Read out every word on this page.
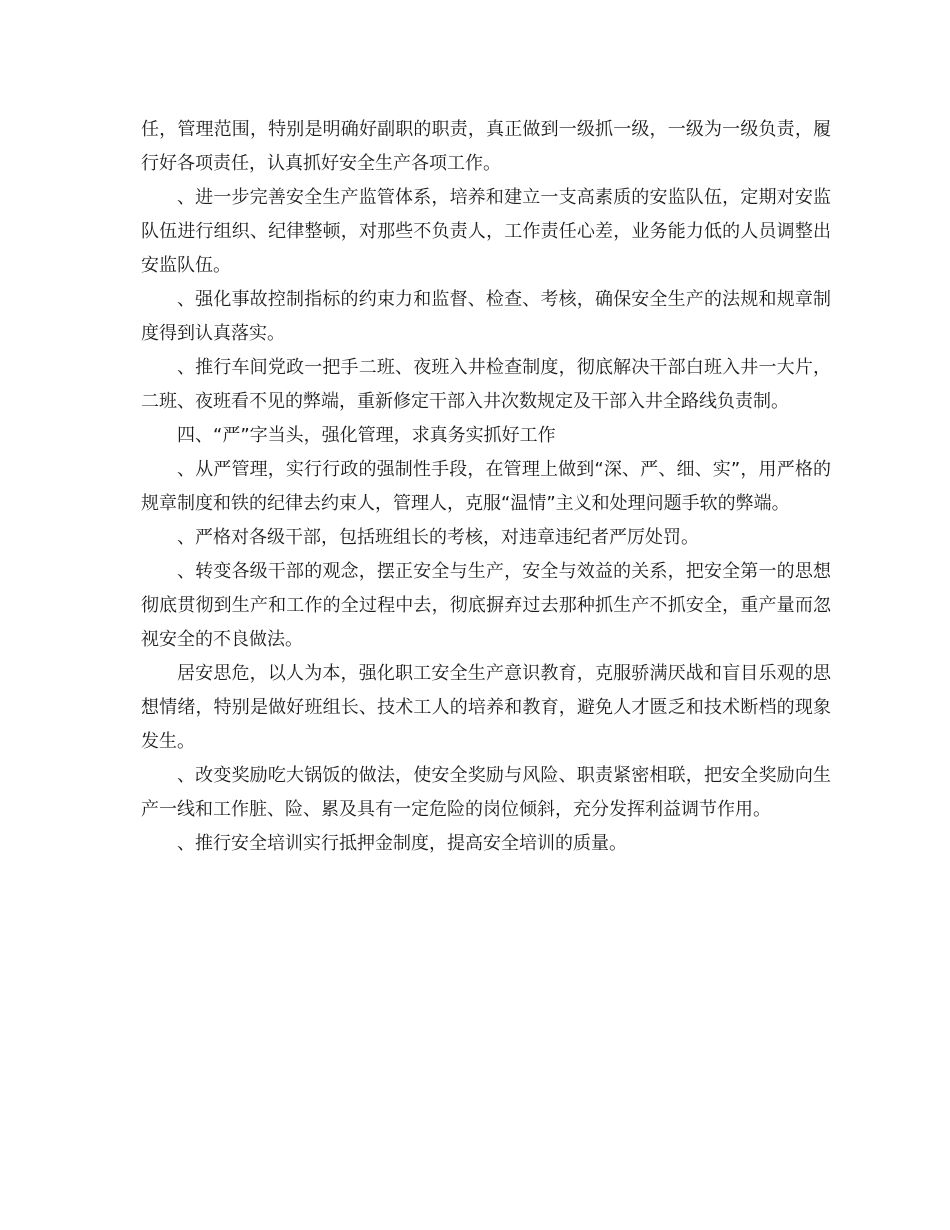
任，管理范围，特别是明确好副职的职责，真正做到一级抓一级，一级为一级负责，履行好各项责任，认真抓好安全生产各项工作。

、进一步完善安全生产监管体系，培养和建立一支高素质的安监队伍，定期对安监队伍进行组织、纪律整顿，对那些不负责人，工作责任心差，业务能力低的人员调整出安监队伍。

、强化事故控制指标的约束力和监督、检查、考核，确保安全生产的法规和规章制度得到认真落实。

、推行车间党政一把手二班、夜班入井检查制度，彻底解决干部白班入井一大片，二班、夜班看不见的弊端，重新修定干部入井次数规定及干部入井全路线负责制。

四、“严”字当头，强化管理，求真务实抓好工作

、从严管理，实行行政的强制性手段，在管理上做到“深、严、细、实”，用严格的规章制度和铁的纪律去约束人，管理人，克服“温情”主义和处理问题手软的弊端。

、严格对各级干部，包括班组长的考核，对违章违纪者严厉处罚。

、转变各级干部的观念，摆正安全与生产，安全与效益的关系，把安全第一的思想彻底贯彻到生产和工作的全过程中去，彻底摒弃过去那种抓生产不抓安全，重产量而忽视安全的不良做法。

居安思危，以人为本，强化职工安全生产意识教育，克服骄满厌战和盲目乐观的思想情绪，特别是做好班组长、技术工人的培养和教育，避免人才匮乏和技术断档的现象发生。

、改变奖励吃大锅饭的做法，使安全奖励与风险、职责紧密相联，把安全奖励向生产一线和工作脏、险、累及具有一定危险的岗位倾斜，充分发挥利益调节作用。

、推行安全培训实行抵押金制度，提高安全培训的质量。
